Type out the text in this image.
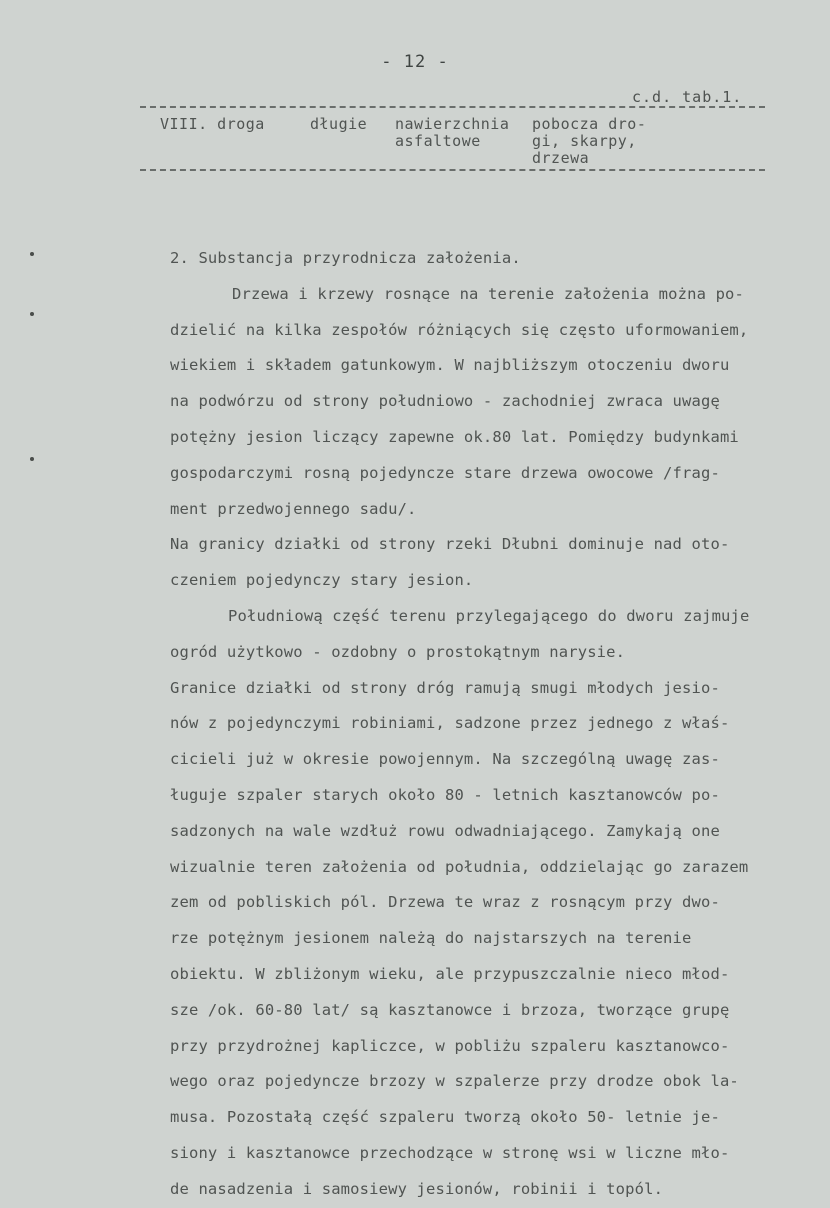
- 12 -
c.d. tab.1.
VIII. droga	długie nawierzchnia
asfaltowe
pobocza dro-
gi, skarpy,
drzewa
2. Substancja przyrodnicza założenia.
Drzewa i krzewy rosnące na terenie założenia można po-
dzielić na kilka zespołów różniących się często uformowaniem,
wiekiem i składem gatunkowym. W najbliższym otoczeniu dworu
na podwórzu od strony południowo - zachodniej zwraca uwagę
potężny jesion liczący zapewne ok.80 lat. Pomiędzy budynkami
gospodarczymi rosną pojedyncze stare drzewa owocowe /frag-
ment przedwojennego sadu/.
Na granicy działki od strony rzeki Dłubni dominuje nad oto-
czeniem pojedynczy stary jesion.
Południową część terenu przylegającego do dworu zajmuje
ogród użytkowo - ozdobny o prostokątnym narysie.
Granice działki od strony dróg ramują smugi młodych jesio-
nów z pojedynczymi robiniami, sadzone przez jednego z właś-
cicieli już w okresie powojennym. Na szczególną uwagę zas-
ługuje szpaler starych około 80 - letnich kasztanowców po-
sadzonych na wale wzdłuż rowu odwadniającego. Zamykają one
wizualnie teren założenia od południa, oddzielając go zarazem
zem od pobliskich pól. Drzewa te wraz z rosnącym przy dwo-
rze potężnym jesionem należą do najstarszych na terenie
obiektu. W zbliżonym wieku, ale przypuszczalnie nieco młod-
sze /ok. 60-80 lat/ są kasztanowce i brzoza, tworzące grupę
przy przydrożnej kapliczce, w pobliżu szpaleru kasztanowco-
wego oraz pojedyncze brzozy w szpalerze przy drodze obok la-
musa. Pozostałą część szpaleru tworzą około 50- letnie je-
siony i kasztanowce przechodzące w stronę wsi w liczne mło-
de nasadzenia i samosiewy jesionów, robinii i topól.
